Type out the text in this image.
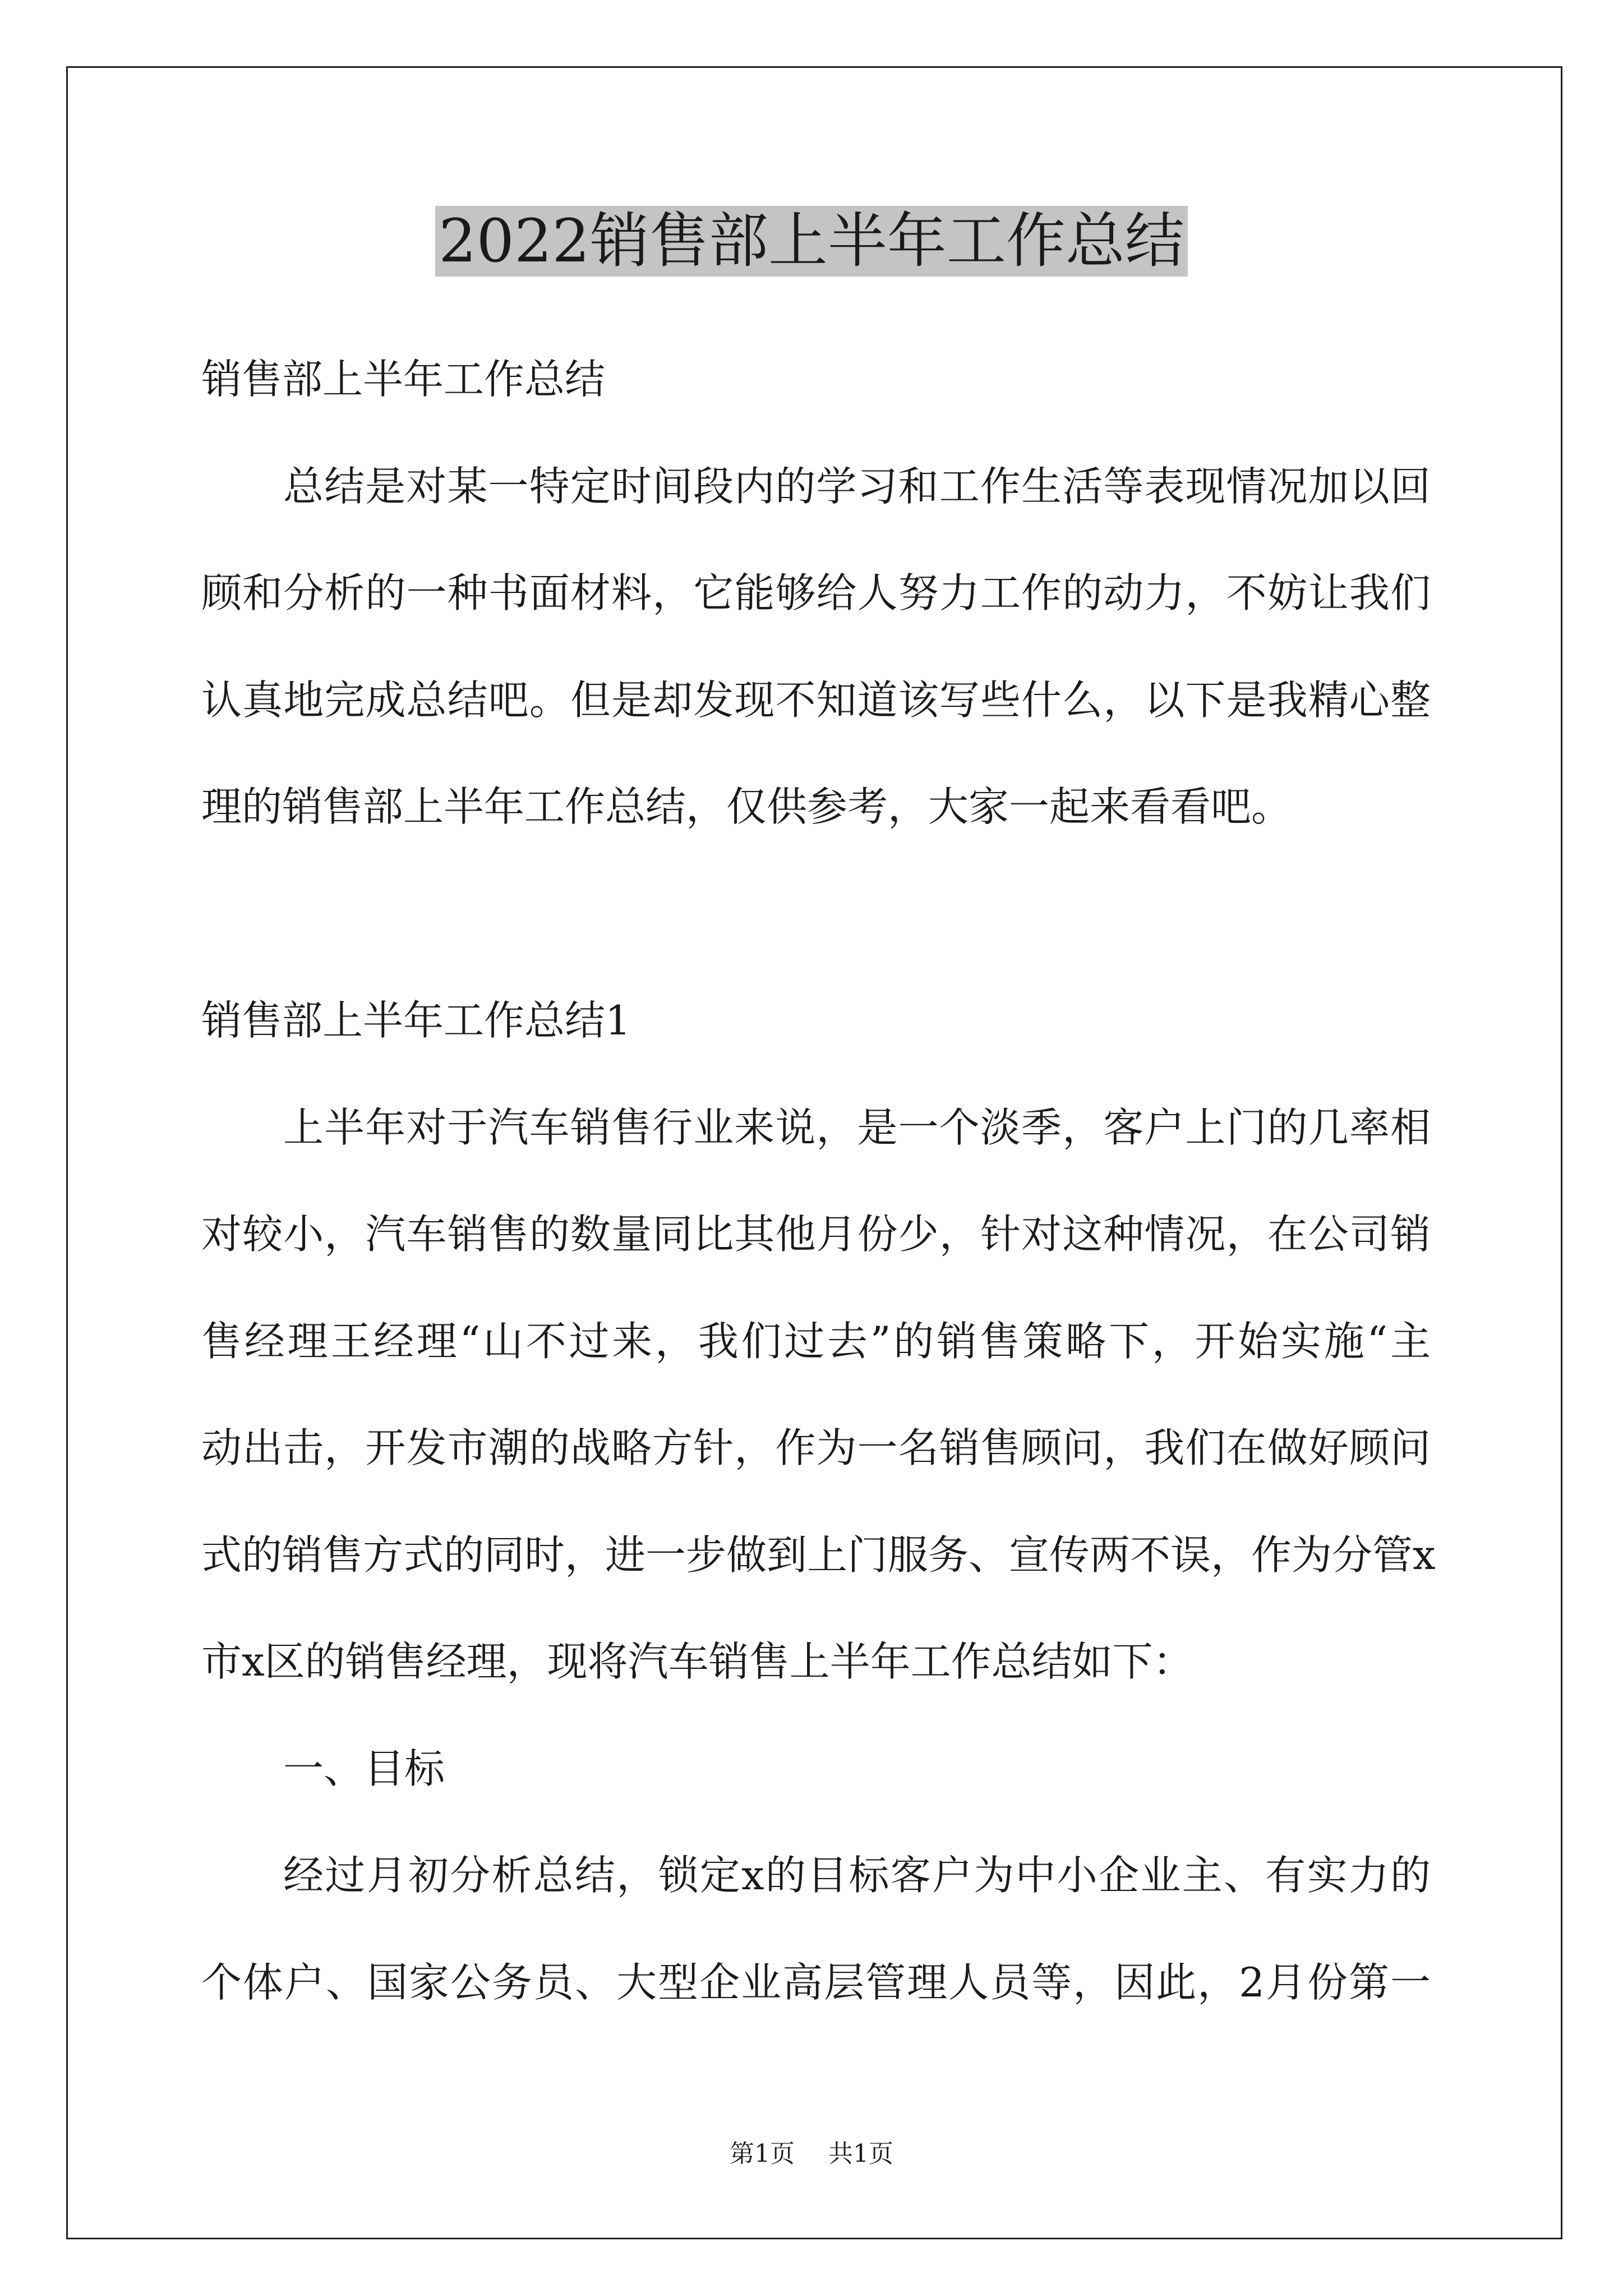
2022销售部上半年工作总结
销售部上半年工作总结
总结是对某一特定时间段内的学习和工作生活等表现情况加以回
顾和分析的一种书面材料，它能够给人努力工作的动力，不妨让我们
认真地完成总结吧。但是却发现不知道该写些什么，以下是我精心整
理的销售部上半年工作总结，仅供参考，大家一起来看看吧。
销售部上半年工作总结1
上半年对于汽车销售行业来说，是一个淡季，客户上门的几率相
对较小，汽车销售的数量同比其他月份少，针对这种情况，在公司销
售经理王经理“山不过来，我们过去”的销售策略下，开始实施“主
动出击，开发市潮的战略方针，作为一名销售顾问，我们在做好顾问
式的销售方式的同时，进一步做到上门服务、宣传两不误，作为分管x
市x区的销售经理，现将汽车销售上半年工作总结如下：
一、目标
经过月初分析总结，锁定x的目标客户为中小企业主、有实力的
个体户、国家公务员、大型企业高层管理人员等，因此，2月份第一
第1页 共1页
